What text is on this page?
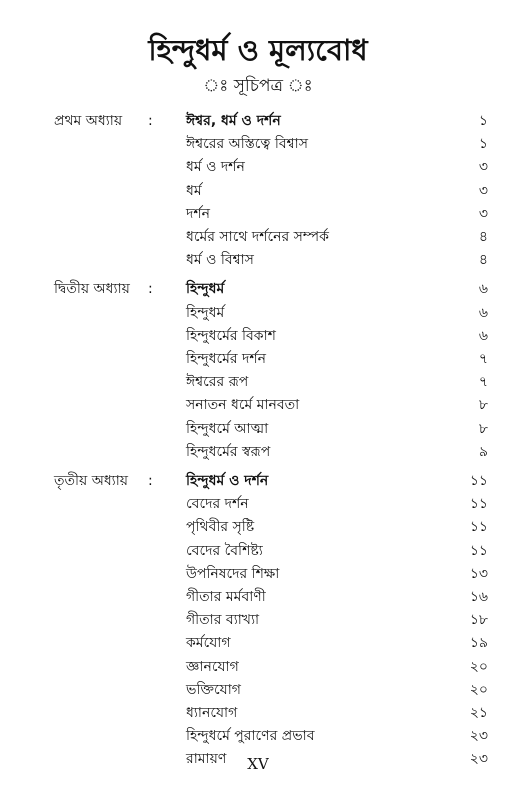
হিন্দুধর্ম ও মূল্যবোধ
ঃ সূচিপত্র ঃ
প্রথম অধ্যায় : ঈশ্বর, ধর্ম ও দর্শন	১
ঈশ্বরের অস্তিত্বে বিশ্বাস	১
ধর্ম ও দর্শন	৩
ধর্ম	৩
দর্শন	৩
ধর্মের সাথে দর্শনের সম্পর্ক	৪
ধর্ম ও বিশ্বাস	৪
দ্বিতীয় অধ্যায় : হিন্দুধর্ম	৬
হিন্দুধর্ম	৬
হিন্দুধর্মের বিকাশ	৬
হিন্দুধর্মের দর্শন	৭
ঈশ্বরের রূপ	৭
সনাতন ধর্মে মানবতা	৮
হিন্দুধর্মে আত্মা	৮
হিন্দুধর্মের স্বরূপ	৯
তৃতীয় অধ্যায় : হিন্দুধর্ম ও দর্শন	১১
বেদের দর্শন	১১
পৃথিবীর সৃষ্টি	১১
বেদের বৈশিষ্ট্য	১১
উপনিষদের শিক্ষা	১৩
গীতার মর্মবাণী	১৬
গীতার ব্যাখ্যা	১৮
কর্মযোগ	১৯
জ্ঞানযোগ	২০
ভক্তিযোগ	২০
ধ্যানযোগ	২১
হিন্দুধর্মে পুরাণের প্রভাব	২৩
রামায়ণ	২৩
XV
